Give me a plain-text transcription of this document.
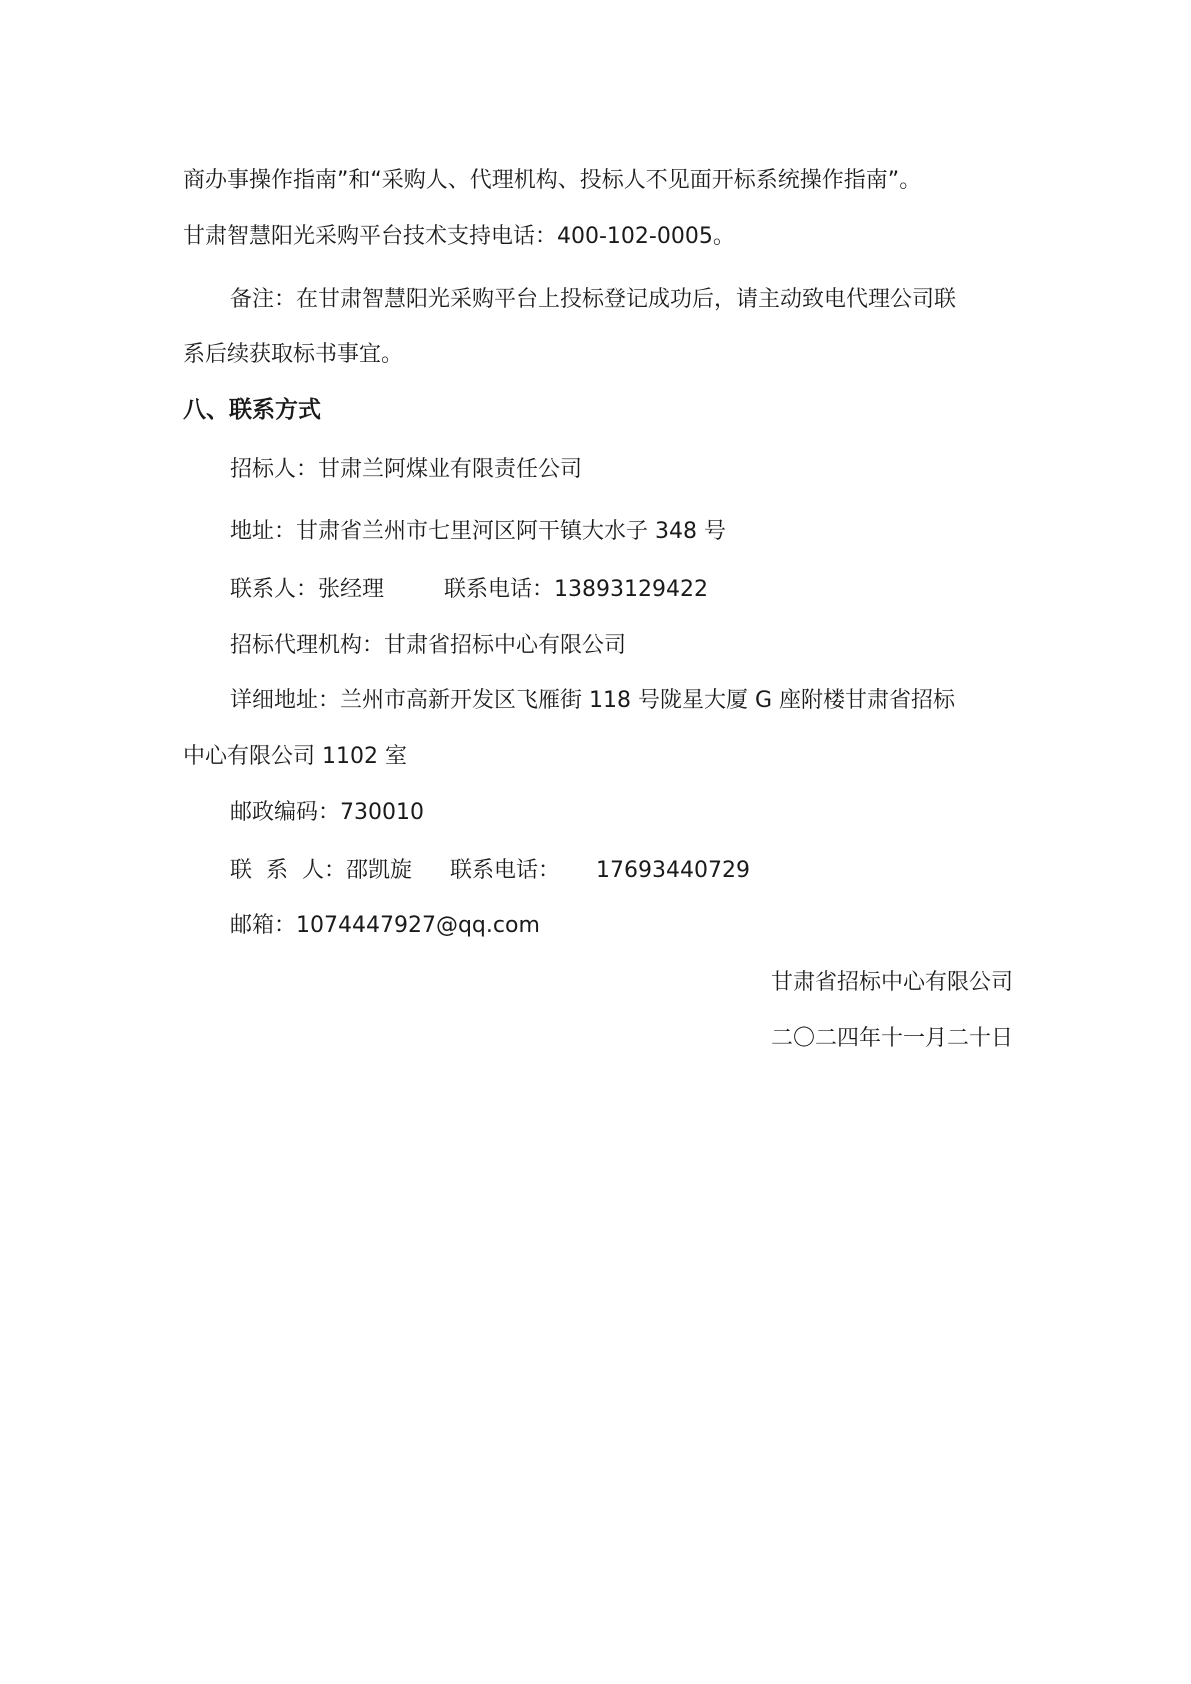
商办事操作指南”和“采购人、代理机构、投标人不见面开标系统操作指南”。
甘肃智慧阳光采购平台技术支持电话：400-102-0005。
备注：在甘肃智慧阳光采购平台上投标登记成功后，请主动致电代理公司联
系后续获取标书事宜。
八、联系方式
招标人：甘肃兰阿煤业有限责任公司
地址：甘肃省兰州市七里河区阿干镇大水子 348 号
联系人：张经理	联系电话：13893129422
招标代理机构：甘肃省招标中心有限公司
详细地址：兰州市高新开发区飞雁街 118 号陇星大厦 G 座附楼甘肃省招标
中心有限公司 1102 室
邮政编码：730010
联  系  人：邵凯旋 联系电话： 17693440729
邮箱：1074447927@qq.com
甘肃省招标中心有限公司
二〇二四年十一月二十日
